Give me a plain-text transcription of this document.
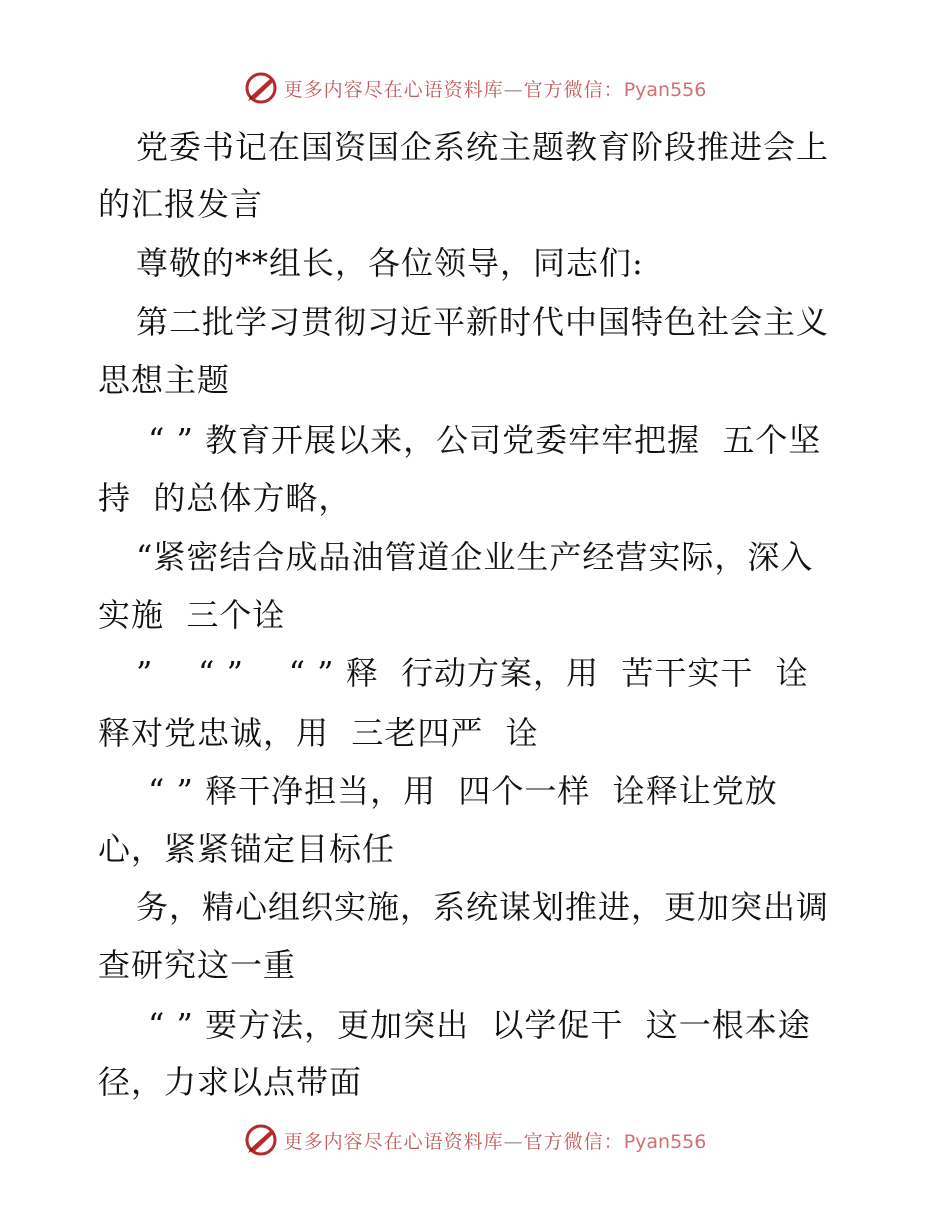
更多内容尽在心语资料库—官方微信：Pyan556
党委书记在国资国企系统主题教育阶段推进会上
的汇报发言
尊敬的**组长，各位领导，同志们:
第二批学习贯彻习近平新时代中国特色社会主义
思想主题
“ ” 教育开展以来，公司党委牢牢把握  五个坚
持  的总体方略，
“紧密结合成品油管道企业生产经营实际，深入
实施  三个诠
”    “ ”    “ ” 释  行动方案，用  苦干实干  诠
释对党忠诚，用  三老四严  诠
“ ” 释干净担当，用  四个一样  诠释让党放
心，紧紧锚定目标任
务，精心组织实施，系统谋划推进，更加突出调
查研究这一重
“ ” 要方法，更加突出  以学促干  这一根本途
径，力求以点带面
更多内容尽在心语资料库—官方微信：Pyan556
